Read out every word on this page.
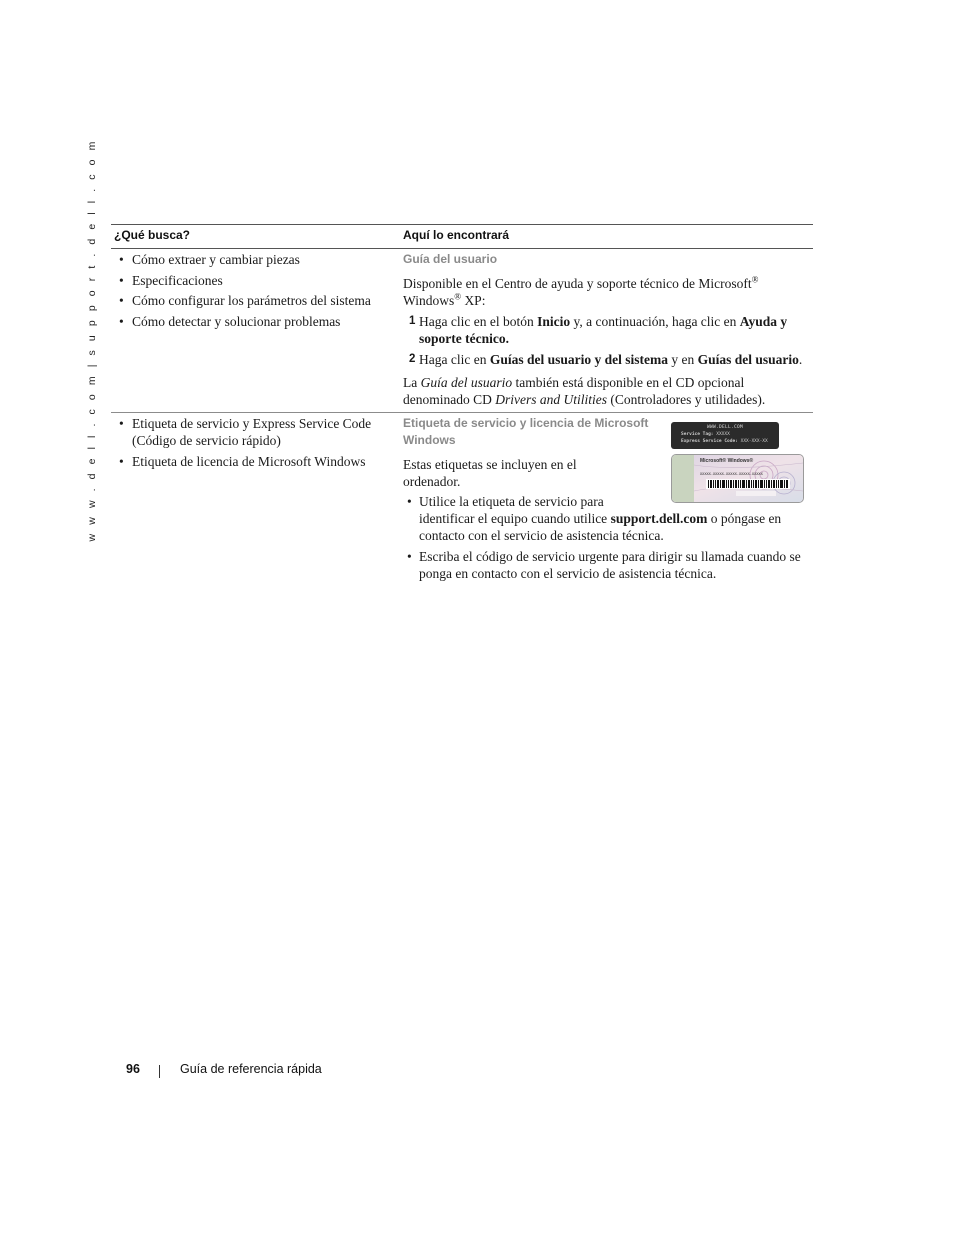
w w w . d e l l . c o m | s u p p o r t . d e l l . c o m ¿Qué busca?	Aquí lo encontrará
• Cómo extraer y cambiar piezas
• Especificaciones
• Cómo configurar los parámetros del sistema
• Cómo detectar y solucionar problemas
Guía del usuario

Disponible en el Centro de ayuda y soporte técnico de Microsoft®
Windows® XP:

1 Haga clic en el botón Inicio y, a continuación, haga clic en Ayuda y soporte técnico.
2 Haga clic en Guías del usuario y del sistema y en Guías del usuario.

La Guía del usuario también está disponible en el CD opcional denominado CD Drivers and Utilities (Controladores y utilidades).

• Etiqueta de servicio y Express Service Code (Código de servicio rápido)
• Etiqueta de licencia de Microsoft Windows
Etiqueta de servicio y licencia de Microsoft
Windows

Estas etiquetas se incluyen en el
ordenador.

• Utilice la etiqueta de servicio para
identificar el equipo cuando utilice support.dell.com o póngase en contacto con el servicio de asistencia técnica.
• Escriba el código de servicio urgente para dirigir su llamada cuando se ponga en contacto con el servicio de asistencia técnica.
WWW.DELL.COM
Service Tag: XXXXX
Express Service Code: XXX-XXX-XX
Microsoft® Windows®
XXXXX-XXXXX-XXXXX-XXXXX-XXXXX
96	Guía de referencia rápida
